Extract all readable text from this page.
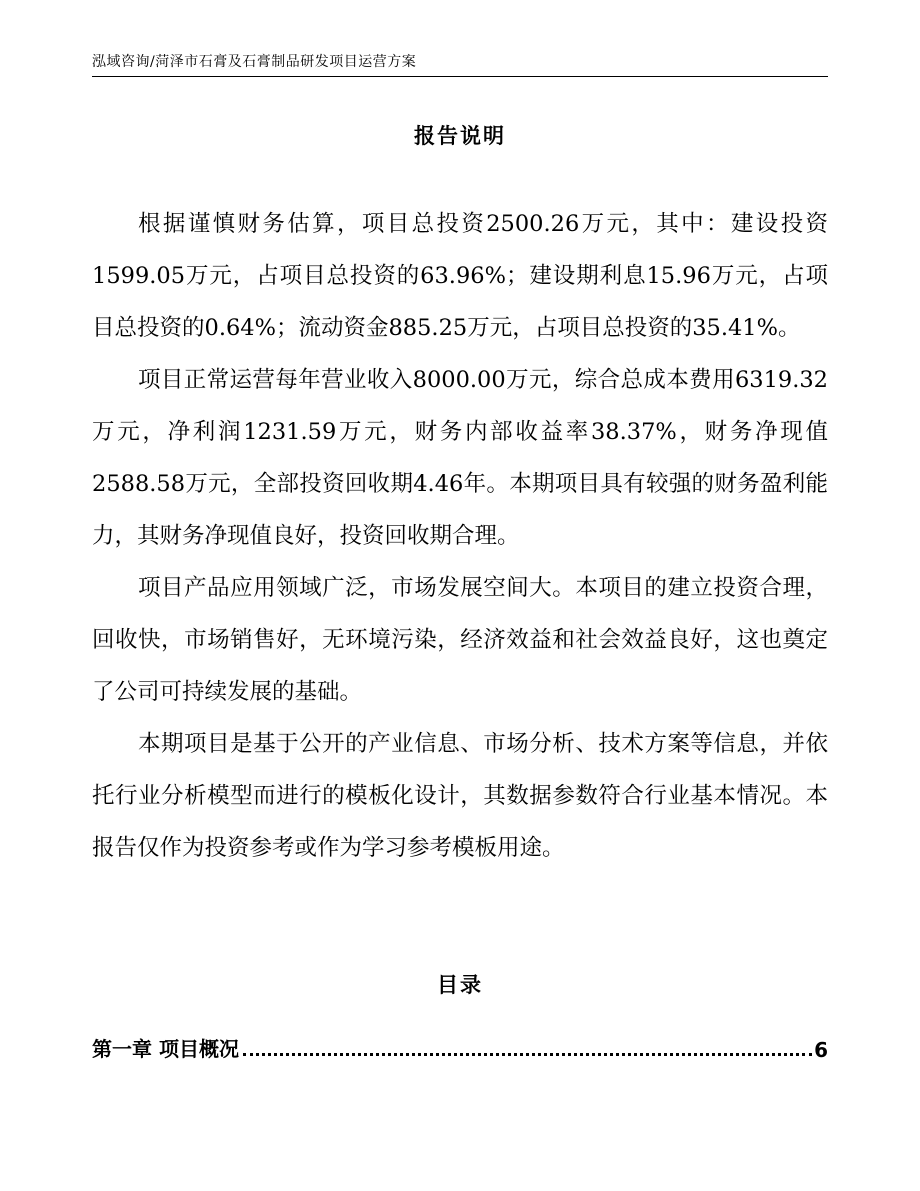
泓域咨询/菏泽市石膏及石膏制品研发项目运营方案
报告说明

根据谨慎财务估算，项目总投资2500.26万元，其中：建设投资1599.05万元，占项目总投资的63.96%；建设期利息15.96万元，占项目总投资的0.64%；流动资金885.25万元，占项目总投资的35.41%。

项目正常运营每年营业收入8000.00万元，综合总成本费用6319.32万元，净利润1231.59万元，财务内部收益率38.37%，财务净现值2588.58万元，全部投资回收期4.46年。本期项目具有较强的财务盈利能力，其财务净现值良好，投资回收期合理。

项目产品应用领域广泛，市场发展空间大。本项目的建立投资合理，回收快，市场销售好，无环境污染，经济效益和社会效益良好，这也奠定了公司可持续发展的基础。

本期项目是基于公开的产业信息、市场分析、技术方案等信息，并依托行业分析模型而进行的模板化设计，其数据参数符合行业基本情况。本报告仅作为投资参考或作为学习参考模板用途。

目录
第一章 项目概况	6
